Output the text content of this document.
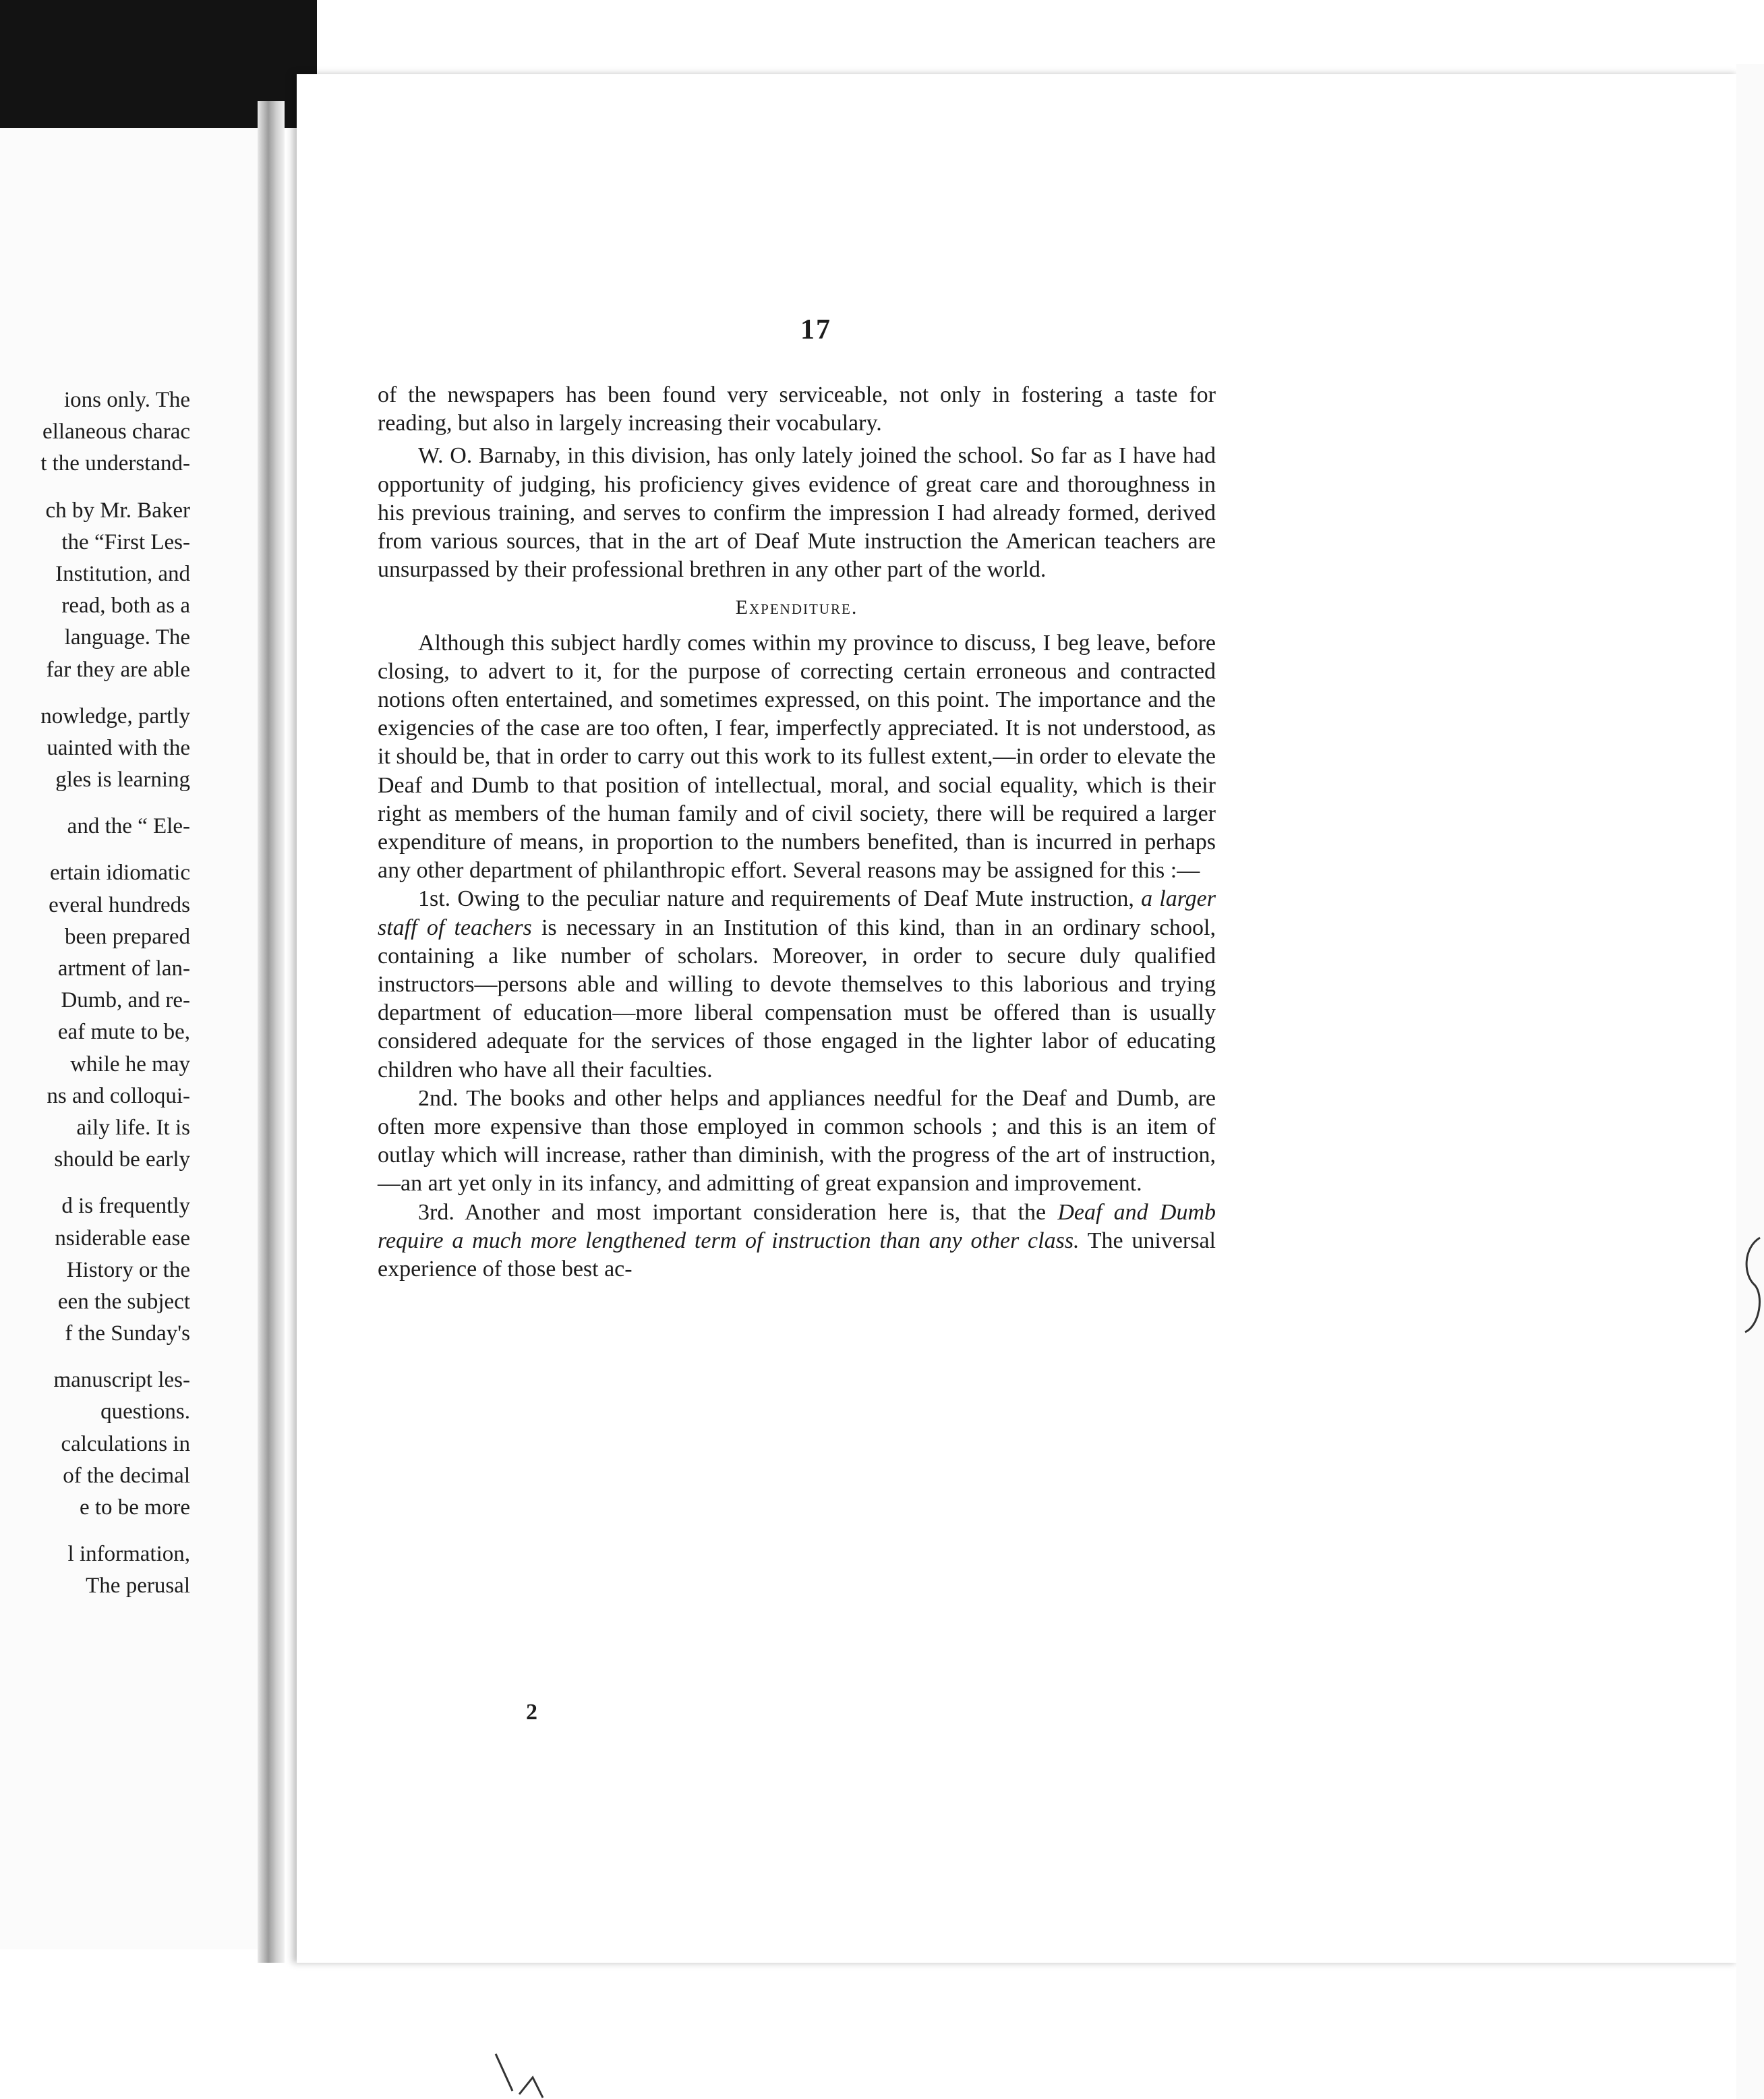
ions only. The
ellaneous charac
t the understand-
ch by Mr. Baker
the “First Les-
Institution, and
read, both as a
language. The
far they are able
nowledge, partly
uainted with the
gles is learning
and the “ Ele-
ertain idiomatic
everal hundreds
been prepared
artment of lan-
Dumb, and re-
eaf mute to be,
while he may
ns and colloqui-
aily life. It is
should be early
d is frequently
nsiderable ease
History or the
een the subject
f the Sunday's
manuscript les-
questions.
calculations in
of the decimal
e to be more
l information,
The perusal
17

of the newspapers has been found very serviceable, not only in fostering a taste for reading, but also in largely increasing their vocabulary.

W. O. Barnaby, in this division, has only lately joined the school. So far as I have had opportunity of judging, his proficiency gives evidence of great care and thoroughness in his previous training, and serves to confirm the impression I had already formed, derived from various sources, that in the art of Deaf Mute instruction the American teachers are unsurpassed by their professional brethren in any other part of the world.

Expenditure.

Although this subject hardly comes within my province to discuss, I beg leave, before closing, to advert to it, for the purpose of correcting certain erroneous and contracted notions often entertained, and sometimes expressed, on this point. The importance and the exigencies of the case are too often, I fear, imperfectly appreciated. It is not understood, as it should be, that in order to carry out this work to its fullest extent,—in order to elevate the Deaf and Dumb to that position of intellectual, moral, and social equality, which is their right as members of the human family and of civil society, there will be required a larger expenditure of means, in proportion to the numbers benefited, than is incurred in perhaps any other department of philanthropic effort. Several reasons may be assigned for this :—

1st. Owing to the peculiar nature and requirements of Deaf Mute instruction, a larger staff of teachers is necessary in an Institution of this kind, than in an ordinary school, containing a like number of scholars. Moreover, in order to secure duly qualified instructors—persons able and willing to devote themselves to this laborious and trying department of education—more liberal compensation must be offered than is usually considered adequate for the services of those engaged in the lighter labor of educating children who have all their faculties.

2nd. The books and other helps and appliances needful for the Deaf and Dumb, are often more expensive than those employed in common schools ; and this is an item of outlay which will increase, rather than diminish, with the progress of the art of instruction,—an art yet only in its infancy, and admitting of great expansion and improvement.

3rd. Another and most important consideration here is, that the Deaf and Dumb require a much more lengthened term of instruction than any other class. The universal experience of those best ac-

2
